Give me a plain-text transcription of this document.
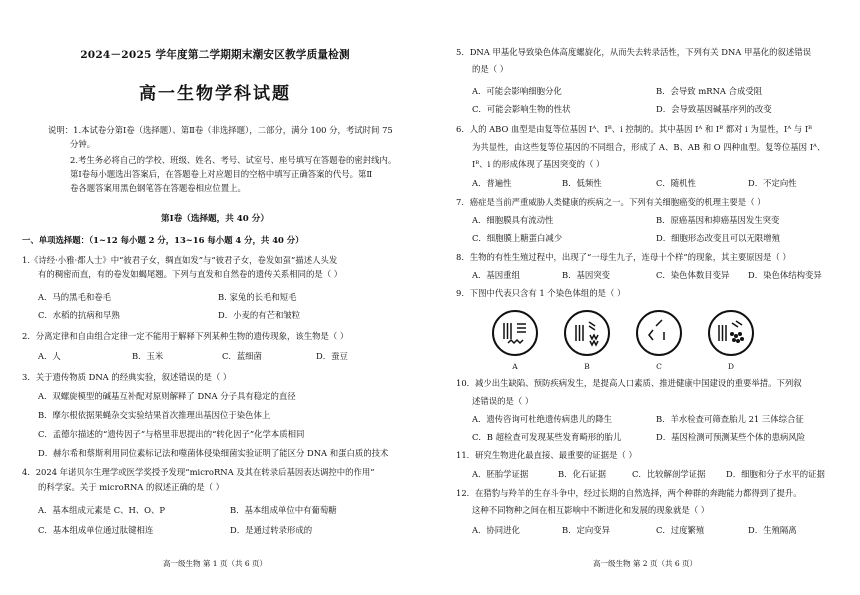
2024－2025 学年度第二学期期末潮安区教学质量检测
高一生物学科试题
说明：1.本试卷分第Ⅰ卷（选择题）、第Ⅱ卷（非选择题），二部分，满分 100 分，考试时间 75
分钟。
2.考生务必将自己的学校、班级、姓名、考号、试室号、座号填写在答题卷的密封线内。
第Ⅰ卷每小题选出答案后，在答题卷上对应题目的空格中填写正确答案的代号。第Ⅱ
卷各题答案用黑色钢笔答在答题卷相应位置上。
第Ⅰ卷（选择题，共 40 分）
一、单项选择题：（1~12 每小题 2 分，13~16 每小题 4 分，共 40 分）
1.《诗经·小雅·都人士》中“彼君子女，绸直如发”与“彼君子女，卷发如虿”描述人头发
有的稠密而直，有的卷发如蝎尾翘。下列与直发和自然卷的遗传关系相同的是（ ）
A．马的黑毛和卷毛	B. 家兔的长毛和短毛
C．水稻的抗病和早熟	D．小麦的有芒和皱粒
2．分离定律和自由组合定律一定不能用于解释下列某种生物的遗传现象，该生物是（ ）
A．人	B．玉米	C．蓝细菌	D．蚕豆
3．关于遗传物质 DNA 的经典实验，叙述错误的是（ ）
A．双螺旋模型的碱基互补配对原则解释了 DNA 分子具有稳定的直径
B．摩尔根依据果蝇杂交实验结果首次推理出基因位于染色体上
C．孟德尔描述的“遗传因子”与格里菲思提出的“转化因子”化学本质相同
D．赫尔希和蔡斯利用同位素标记法和噬菌体侵染细菌实验证明了能区分 DNA 和蛋白质的技术
4．2024 年诺贝尔生理学或医学奖授予发现“microRNA 及其在转录后基因表达调控中的作用”
的科学家。关于 microRNA 的叙述正确的是（ ）
A．基本组成元素是 C、H、O、P	B．基本组成单位中有葡萄糖
C．基本组成单位通过肽键相连	D．是通过转录形成的
高一级生物 第 1 页（共 6 页）
5．DNA 甲基化导致染色体高度螺旋化，从而失去转录活性，下列有关 DNA 甲基化的叙述错误
的是（ ）
A．可能会影响细胞分化	B．会导致 mRNA 合成受阻
C．可能会影响生物的性状	D．会导致基因碱基序列的改变
6．人的 ABO 血型是由复等位基因 Iᴬ、Iᴮ、i 控制的。其中基因 Iᴬ 和 Iᴮ 都对 i 为显性，Iᴬ 与 Iᴮ
为共显性，由这些复等位基因的不同组合，形成了 A、B、AB 和 O 四种血型。复等位基因 Iᴬ、
Iᴮ、i 的形成体现了基因突变的（ ）
A．普遍性	B．低频性	C．随机性	D．不定向性
7．癌症是当前严重威胁人类健康的疾病之一。下列有关细胞癌变的机理主要是（ ）
A．细胞膜具有流动性	B．原癌基因和抑癌基因发生突变
C．细胞膜上糖蛋白减少	D．细胞形态改变且可以无限增殖
8．生物的有性生殖过程中，出现了“一母生九子，连母十个样”的现象，其主要原因是（ ）
A．基因重组	B．基因突变	C．染色体数目变异 D．染色体结构变异
9．下图中代表只含有 1 个染色体组的是（ ）
A	B	C	D
10．减少出生缺陷、预防疾病发生，是提高人口素质、推进健康中国建设的重要举措。下列叙
述错误的是（ ）
A．遗传咨询可杜绝遗传病患儿的降生	B．羊水检查可筛查胎儿 21 三体综合征
C．B 超检查可发现某些发育畸形的胎儿	D．基因检测可预测某些个体的患病风险
11．研究生物进化最直接、最重要的证据是（ ）
A．胚胎学证据	B．化石证据	C．比较解剖学证据 D．细胞和分子水平的证据
12．在猎豹与羚羊的生存斗争中，经过长期的自然选择，两个种群的奔跑能力都得到了提升。
这种不同物种之间在相互影响中不断进化和发展的现象就是（ ）
A．协同进化	B．定向变异	C．过度繁殖	D．生殖隔离
高一级生物 第 2 页（共 6 页）
